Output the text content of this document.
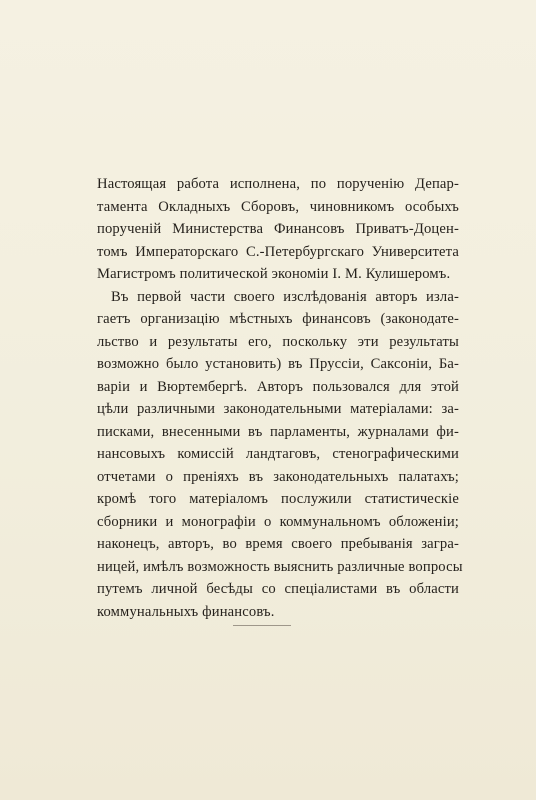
Настоящая работа исполнена, по порученію Депар-
тамента Окладныхъ Сборовъ, чиновникомъ особыхъ
порученій Министерства Финансовъ Приватъ-Доцен-
томъ Императорскаго С.-Петербургскаго Университета
Магистромъ политической экономіи І. М. Кулишеромъ.
Въ первой части своего изслѣдованія авторъ изла-
гаетъ организацію мѣстныхъ финансовъ (законодате-
льство и результаты его, поскольку эти результаты
возможно было установить) въ Пруссіи, Саксоніи, Ба-
варіи и Вюртембергѣ. Авторъ пользовался для этой
цѣли различными законодательными матеріалами: за-
писками, внесенными въ парламенты, журналами фи-
нансовыхъ комиссій ландтаговъ, стенографическими
отчетами о преніяхъ въ законодательныхъ палатахъ;
кромѣ того матеріаломъ послужили статистическіе
сборники и монографіи о коммунальномъ обложеніи;
наконецъ, авторъ, во время своего пребыванія загра-
ницей, имѣлъ возможность выяснить различные вопросы
путемъ личной бесѣды со спеціалистами въ области
коммунальныхъ финансовъ.
